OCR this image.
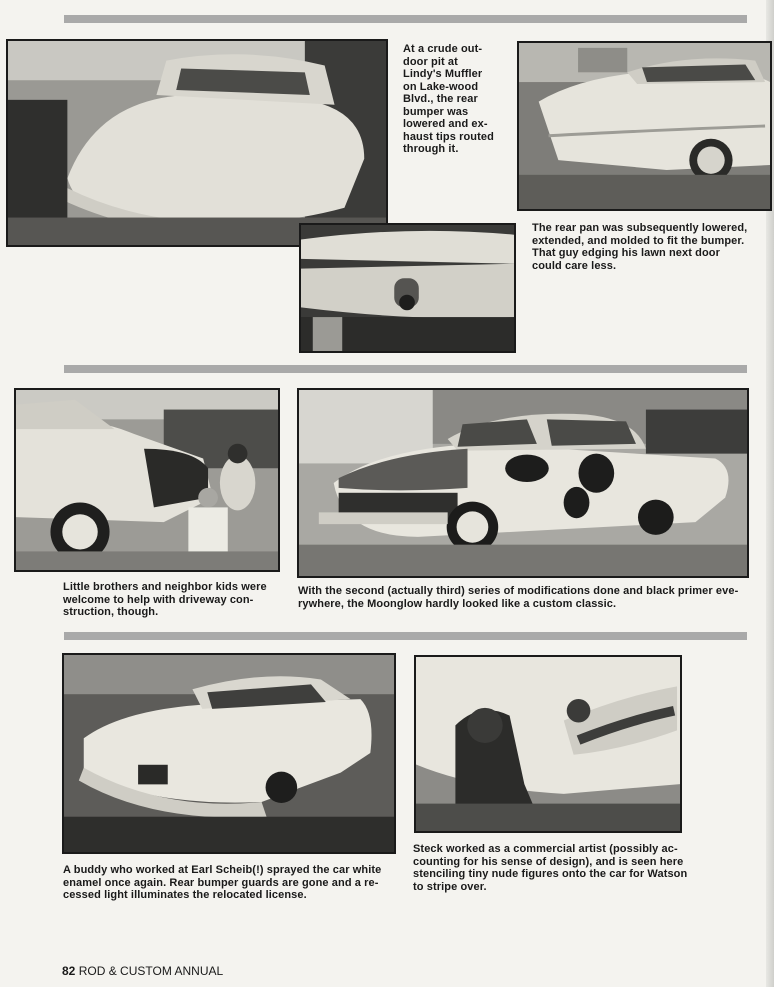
At a crude out-door pit at Lindy's Muffler on Lake-wood Blvd., the rear bumper was lowered and ex-haust tips routed through it.
The rear pan was subsequently lowered, extended, and molded to fit the bumper. That guy edging his lawn next door could care less.
Little brothers and neighbor kids were welcome to help with driveway con-struction, though.
With the second (actually third) series of modifications done and black primer eve-rywhere, the Moonglow hardly looked like a custom classic.
A buddy who worked at Earl Scheib(!) sprayed the car white enamel once again. Rear bumper guards are gone and a re-cessed light illuminates the relocated license.
Steck worked as a commercial artist (possibly ac-counting for his sense of design), and is seen here stenciling tiny nude figures onto the car for Watson to stripe over.
82 ROD & CUSTOM ANNUAL
